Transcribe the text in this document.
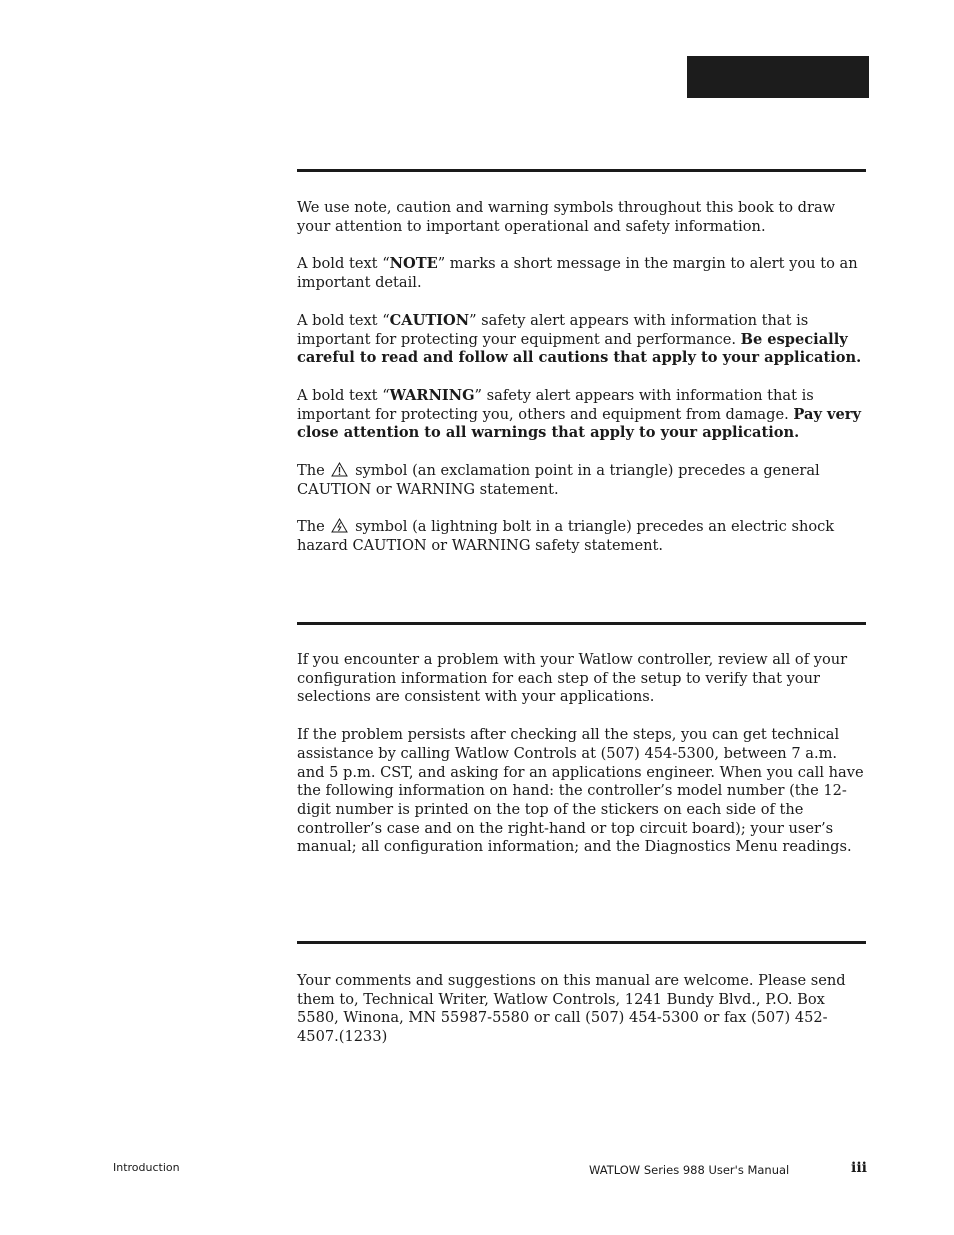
We use note, caution and warning symbols throughout this book to draw your attention to important operational and safety information.

A bold text “NOTE” marks a short message in the margin to alert you to an important detail.

A bold text “CAUTION” safety alert appears with information that is important for protecting your equipment and performance. Be especially careful to read and follow all cautions that apply to your application.

A bold text “WARNING” safety alert appears with information that is important for protecting you, others and equipment from damage. Pay very close attention to all warnings that apply to your application.

The symbol (an exclamation point in a triangle) precedes a general CAUTION or WARNING statement.

The symbol (a lightning bolt in a triangle) precedes an electric shock hazard CAUTION or WARNING safety statement.

If you encounter a problem with your Watlow controller, review all of your configuration information for each step of the setup to verify that your selections are consistent with your applications.

If the problem persists after checking all the steps, you can get technical assistance by calling Watlow Controls at (507) 454-5300, between 7 a.m. and 5 p.m. CST, and asking for an applications engineer. When you call have the following information on hand: the controller’s model number (the 12-digit number is printed on the top of the stickers on each side of the controller’s case and on the right-hand or top circuit board); your user’s manual; all configuration information; and the Diagnostics Menu readings.

Your comments and suggestions on this manual are welcome. Please send them to, Technical Writer, Watlow Controls, 1241 Bundy Blvd., P.O. Box 5580, Winona, MN 55987-5580 or call (507) 454-5300 or fax (507) 452-4507.(1233)

Introduction	WATLOW Series 988 User's Manual	iii
